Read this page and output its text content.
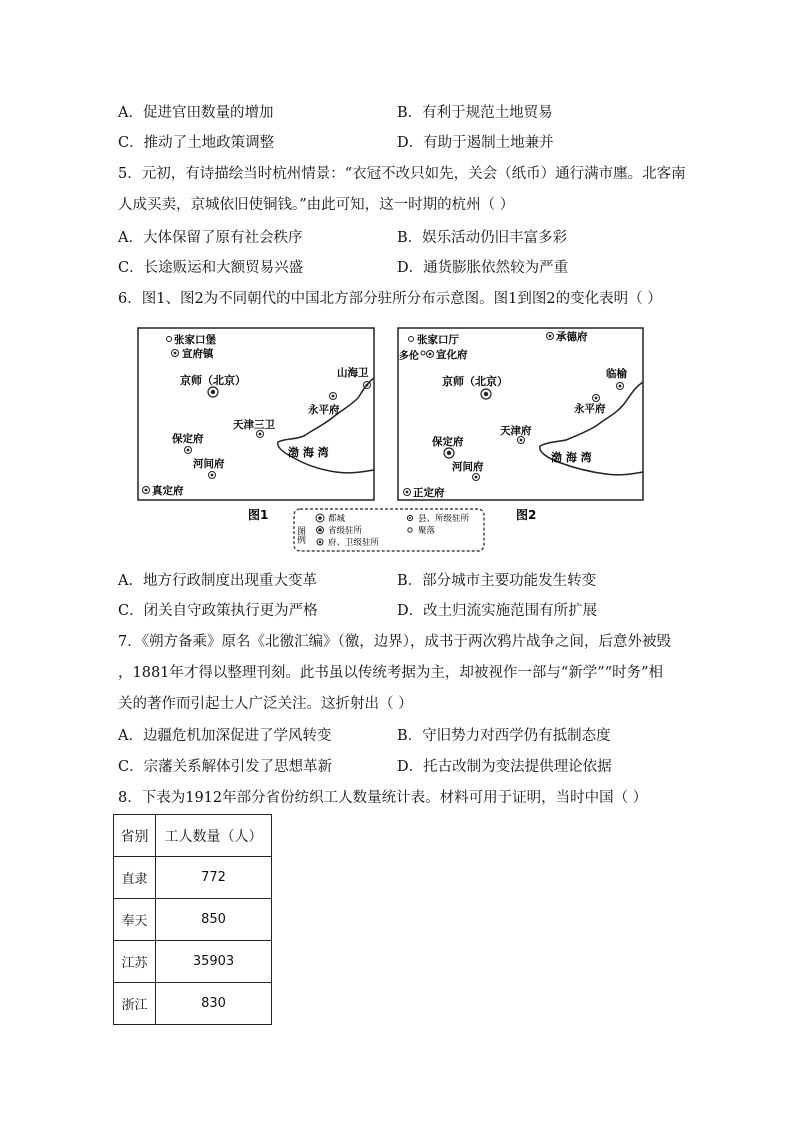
A．促进官田数量的增加	B．有利于规范土地贸易
C．推动了土地政策调整	D．有助于遏制土地兼并
5．元初，有诗描绘当时杭州情景：“衣冠不改只如先，关会（纸币）通行满市廛。北客南
人成买卖，京城依旧使铜钱。”由此可知，这一时期的杭州（ ）
A．大体保留了原有社会秩序	B．娱乐活动仍旧丰富多彩
C．长途贩运和大额贸易兴盛	D．通货膨胀依然较为严重
6．图1、图2为不同朝代的中国北方部分驻所分布示意图。图1到图2的变化表明（ ）
渤 海 湾
张家口堡
宣府镇
京师（北京）
山海卫
永平府
天津三卫
保定府
河间府
真定府
图1
渤 海 湾
张家口厅	承德府
多伦 宣化府
京师（北京）
临榆
永平府
天津府
保定府
河间府
正定府
图2
图例
都城
省级驻所
府、卫级驻所
县、所级驻所
聚落
A．地方行政制度出现重大变革	B．部分城市主要功能发生转变
C．闭关自守政策执行更为严格	D．改土归流实施范围有所扩展
7．《朔方备乘》原名《北徼汇编》（徼，边界），成书于两次鸦片战争之间，后意外被毁
，1881年才得以整理刊刻。此书虽以传统考据为主，却被视作一部与“新学”“时务”相
关的著作而引起士人广泛关注。这折射出（ ）
A．边疆危机加深促进了学风转变	B．守旧势力对西学仍有抵制态度
C．宗藩关系解体引发了思想革新	D．托古改制为变法提供理论依据
8．下表为1912年部分省份纺织工人数量统计表。材料可用于证明，当时中国（ ）
省别	工人数量（人）
直隶	772
奉天	850
江苏	35903
浙江	830
